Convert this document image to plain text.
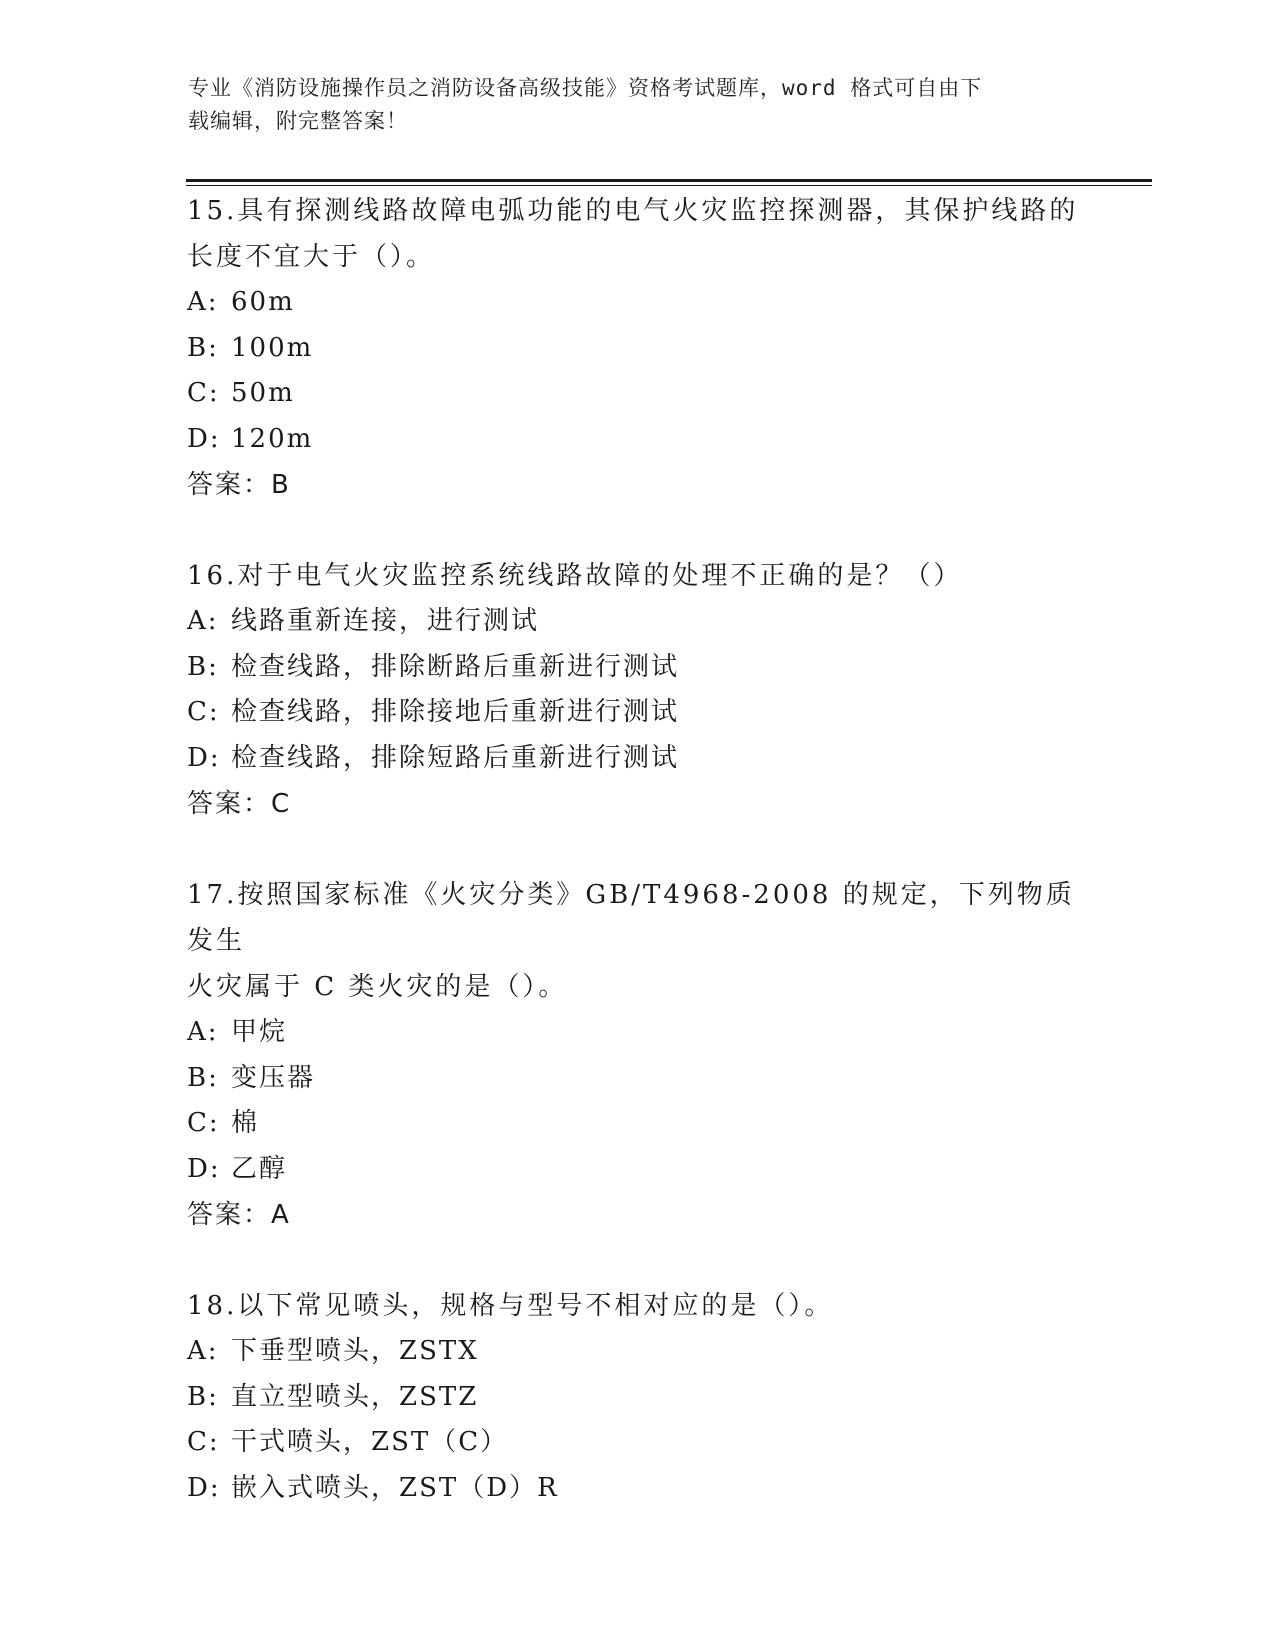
专业《消防设施操作员之消防设备高级技能》资格考试题库，word 格式可自由下
载编辑，附完整答案！

15.具有探测线路故障电弧功能的电气火灾监控探测器，其保护线路的

长度不宜大于（）。

A: 60m

B: 100m

C: 50m

D: 120m

答案：B

16.对于电气火灾监控系统线路故障的处理不正确的是？（）

A: 线路重新连接，进行测试

B: 检查线路，排除断路后重新进行测试

C: 检查线路，排除接地后重新进行测试

D: 检查线路，排除短路后重新进行测试

答案：C

17.按照国家标准《火灾分类》GB/T4968-2008 的规定，下列物质发生

火灾属于 C 类火灾的是（）。

A: 甲烷

B: 变压器

C: 棉

D: 乙醇

答案：A

18.以下常见喷头，规格与型号不相对应的是（）。

A: 下垂型喷头，ZSTX

B: 直立型喷头，ZSTZ

C: 干式喷头，ZST（C）

D: 嵌入式喷头，ZST（D）R
